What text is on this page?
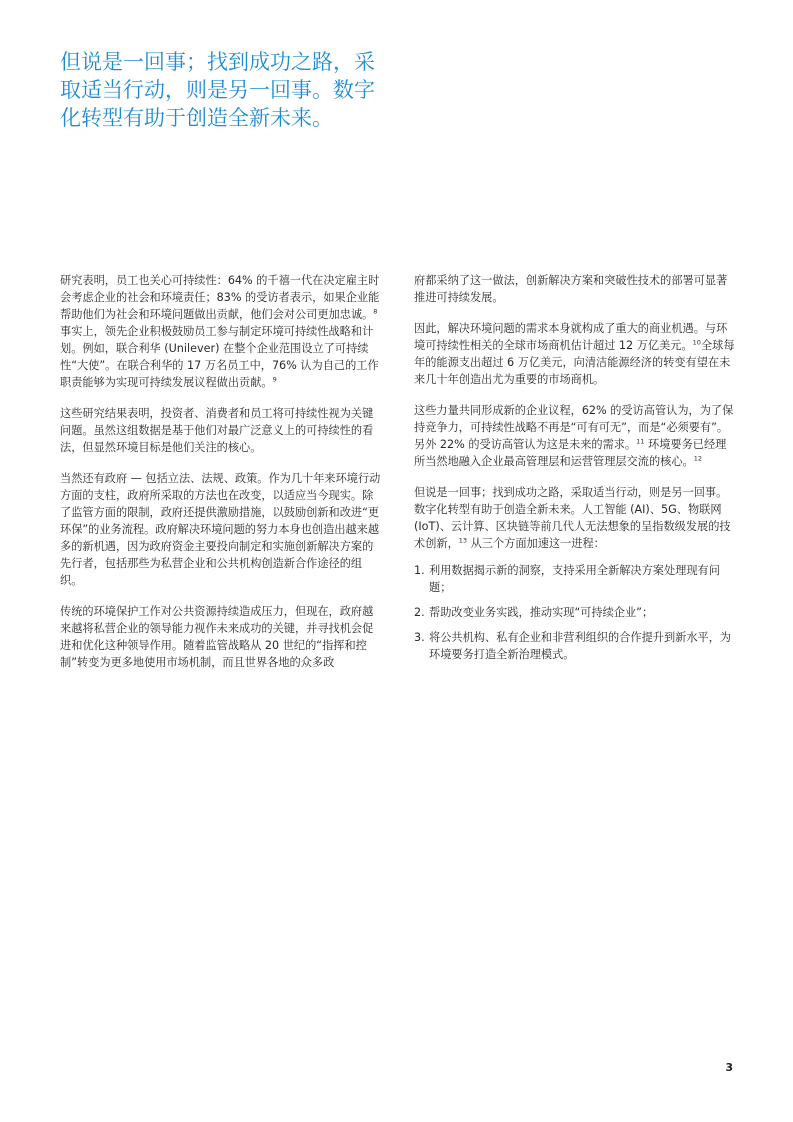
但说是一回事；找到成功之路，采取适当行动，则是另一回事。数字化转型有助于创造全新未来。

研究表明，员工也关心可持续性：64% 的千禧一代在决定雇主时会考虑企业的社会和环境责任；83% 的受访者表示，如果企业能帮助他们为社会和环境问题做出贡献，他们会对公司更加忠诚。$^8$ 事实上，领先企业积极鼓励员工参与制定环境可持续性战略和计划。例如，联合利华 (Unilever) 在整个企业范围设立了可持续性“大使”。在联合利华的 17 万名员工中，76% 认为自己的工作职责能够为实现可持续发展议程做出贡献。$^9$

这些研究结果表明，投资者、消费者和员工将可持续性视为关键问题。虽然这组数据是基于他们对最广泛意义上的可持续性的看法，但显然环境目标是他们关注的核心。

当然还有政府 — 包括立法、法规、政策。作为几十年来环境行动方面的支柱，政府所采取的方法也在改变，以适应当今现实。除了监管方面的限制，政府还提供激励措施，以鼓励创新和改进“更环保”的业务流程。政府解决环境问题的努力本身也创造出越来越多的新机遇，因为政府资金主要投向制定和实施创新解决方案的先行者，包括那些为私营企业和公共机构创造新合作途径的组织。

传统的环境保护工作对公共资源持续造成压力，但现在，政府越来越将私营企业的领导能力视作未来成功的关键，并寻找机会促进和优化这种领导作用。随着监管战略从 20 世纪的“指挥和控制”转变为更多地使用市场机制，而且世界各地的众多政

府都采纳了这一做法，创新解决方案和突破性技术的部署可显著推进可持续发展。

因此，解决环境问题的需求本身就构成了重大的商业机遇。与环境可持续性相关的全球市场商机估计超过 12 万亿美元。$^{10}$全球每年的能源支出超过 6 万亿美元，向清洁能源经济的转变有望在未来几十年创造出尤为重要的市场商机。

这些力量共同形成新的企业议程，62% 的受访高管认为，为了保持竞争力，可持续性战略不再是“可有可无”，而是“必须要有”。另外 22% 的受访高管认为这是未来的需求。$^{11}$ 环境要务已经理所当然地融入企业最高管理层和运营管理层交流的核心。$^{12}$

但说是一回事；找到成功之路，采取适当行动，则是另一回事。数字化转型有助于创造全新未来。人工智能 (AI)、5G、物联网 (IoT)、云计算、区块链等前几代人无法想象的呈指数级发展的技术创新，$^{13}$ 从三个方面加速这一进程：

1. 利用数据揭示新的洞察，支持采用全新解决方案处理现有问题；
2. 帮助改变业务实践，推动实现“可持续企业”；
3. 将公共机构、私有企业和非营利组织的合作提升到新水平，为环境要务打造全新治理模式。
3
